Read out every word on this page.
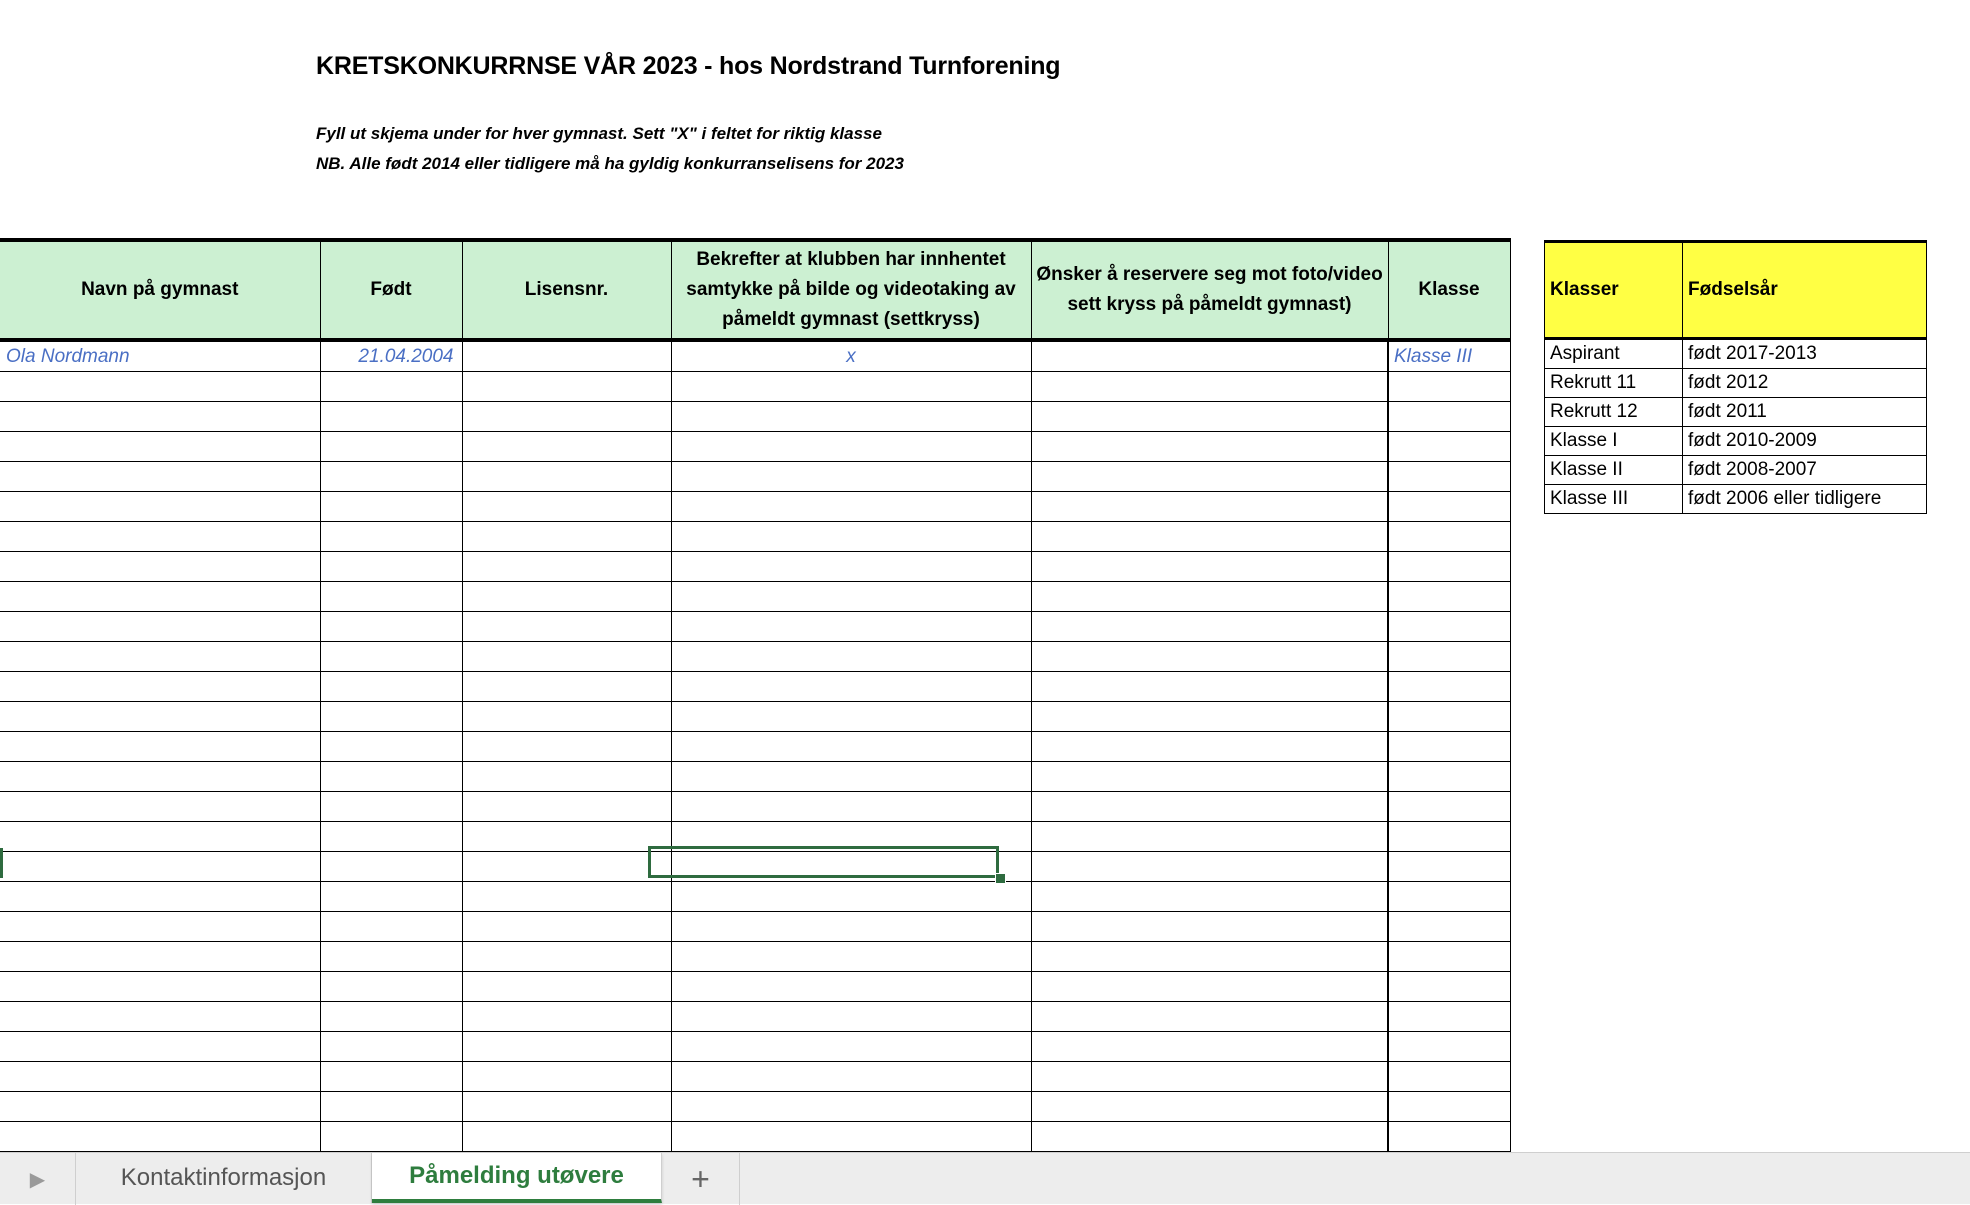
KRETSKONKURRNSE VÅR 2023 - hos Nordstrand Turnforening
Fyll ut skjema under for hver gymnast. Sett "X" i feltet for riktig klasse
NB. Alle født 2014 eller tidligere må ha gyldig konkurranselisens for 2023
Navn på gymnast	Født	Lisensnr.	Bekrefter at klubben har innhentet samtykke på bilde og videotaking av påmeldt gymnast (settkryss)	Ønsker å reservere seg mot foto/video sett kryss på påmeldt gymnast)	Klasse
Ola Nordmann	21.04.2004		x		Klasse III

Klasser	Fødselsår
Aspirant	født 2017-2013
Rekrutt 11	født 2012
Rekrutt 12	født 2011
Klasse I	født 2010-2009
Klasse II	født 2008-2007
Klasse III	født 2006 eller tidligere
▶	Kontaktinformasjon	Påmelding utøvere	+
